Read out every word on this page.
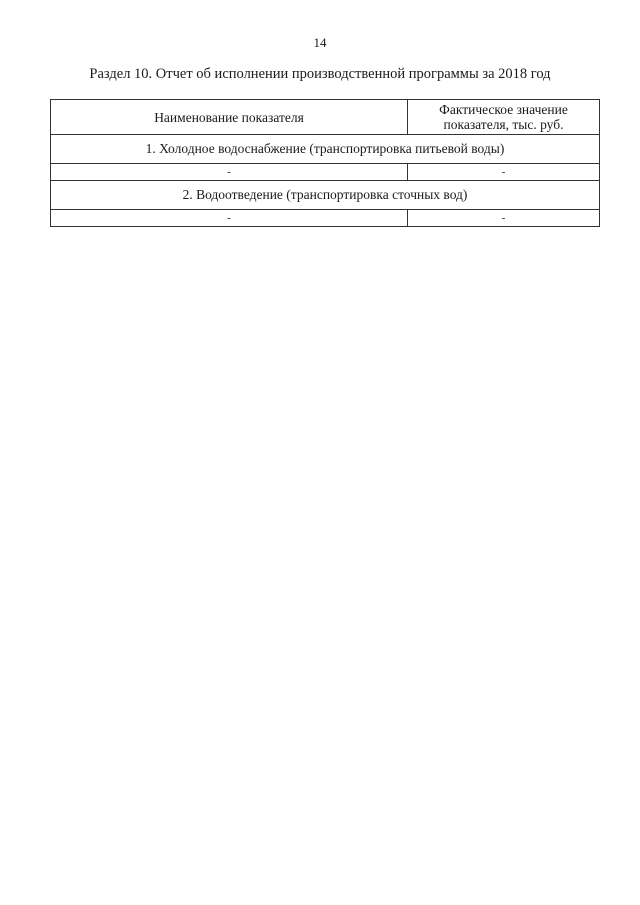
14
Раздел 10. Отчет об исполнении производственной программы за 2018 год
Наименование показателя	Фактическое значение
показателя, тыс. руб.
1. Холодное водоснабжение (транспортировка питьевой воды)	
-	-
2. Водоотведение (транспортировка сточных вод)	
-	-
